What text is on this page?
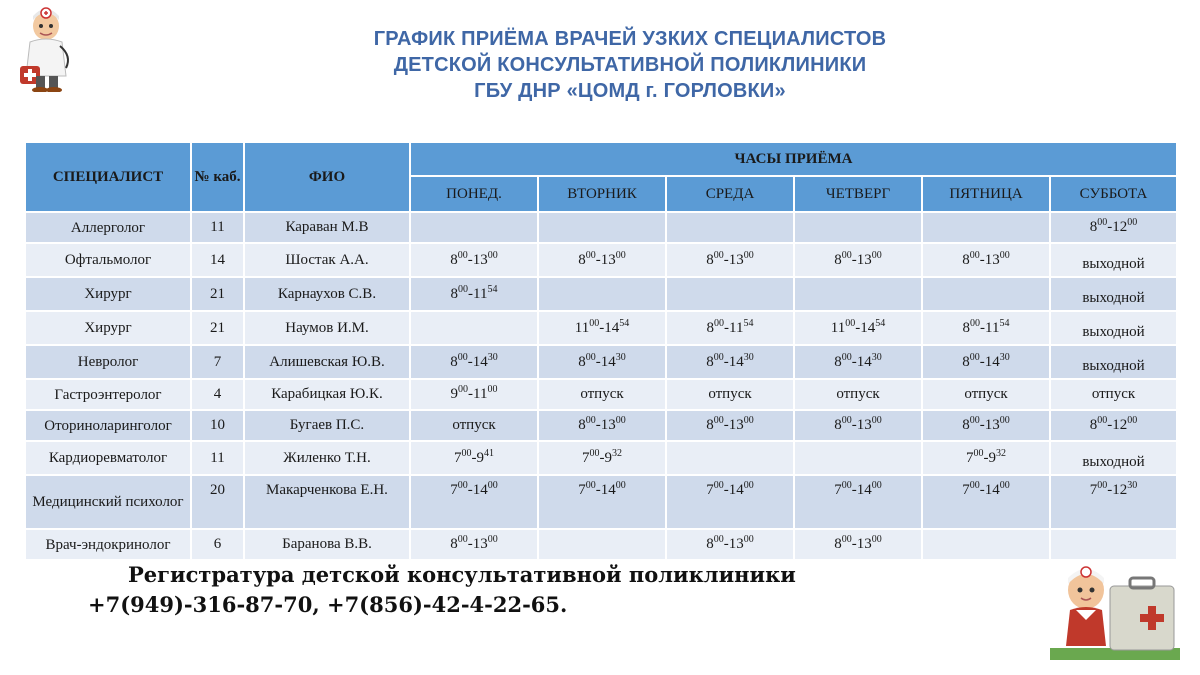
ГРАФИК ПРИЁМА ВРАЧЕЙ УЗКИХ СПЕЦИАЛИСТОВ
ДЕТСКОЙ КОНСУЛЬТАТИВНОЙ ПОЛИКЛИНИКИ
ГБУ ДНР «ЦОМД г. ГОРЛОВКИ»
СПЕЦИАЛИСТ	№ каб.	ФИО	ЧАСЫ ПРИЁМА					
			ПОНЕД.	ВТОРНИК	СРЕДА	ЧЕТВЕРГ	ПЯТНИЦА	СУББОТА
Аллерголог	11	Караван М.В						$8^{00}-12^{00}$
Офтальмолог	14	Шостак А.А.	$8^{00}-13^{00}$	$8^{00}-13^{00}$	$8^{00}-13^{00}$	$8^{00}-13^{00}$	$8^{00}-13^{00}$	выходной
Хирург	21	Карнаухов С.В.	$8^{00}-11^{54}$					выходной
Хирург	21	Наумов И.М.		$11^{00}-14^{54}$	$8^{00}-11^{54}$	$11^{00}-14^{54}$	$8^{00}-11^{54}$	выходной
Невролог	7	Алишевская Ю.В.	$8^{00}-14^{30}$	$8^{00}-14^{30}$	$8^{00}-14^{30}$	$8^{00}-14^{30}$	$8^{00}-14^{30}$	выходной
Гастроэнтеролог	4	Карабицкая Ю.К.	$9^{00}-11^{00}$	отпуск	отпуск	отпуск	отпуск	отпуск
Оториноларинголог	10	Бугаев П.С.	отпуск	$8^{00}-13^{00}$	$8^{00}-13^{00}$	$8^{00}-13^{00}$	$8^{00}-13^{00}$	$8^{00}-12^{00}$
Кардиоревматолог	11	Жиленко Т.Н.	$7^{00}-9^{41}$	$7^{00}-9^{32}$			$7^{00}-9^{32}$	выходной
Медицинский психолог	20	Макарченкова Е.Н.	$7^{00}-14^{00}$	$7^{00}-14^{00}$	$7^{00}-14^{00}$	$7^{00}-14^{00}$	$7^{00}-14^{00}$	$7^{00}-12^{30}$
Врач-эндокринолог	6	Баранова В.В.	$8^{00}-13^{00}$		$8^{00}-13^{00}$	$8^{00}-13^{00}$		
Регистратура детской консультативной поликлиники
+7(949)-316-87-70, +7(856)-42-4-22-65.
